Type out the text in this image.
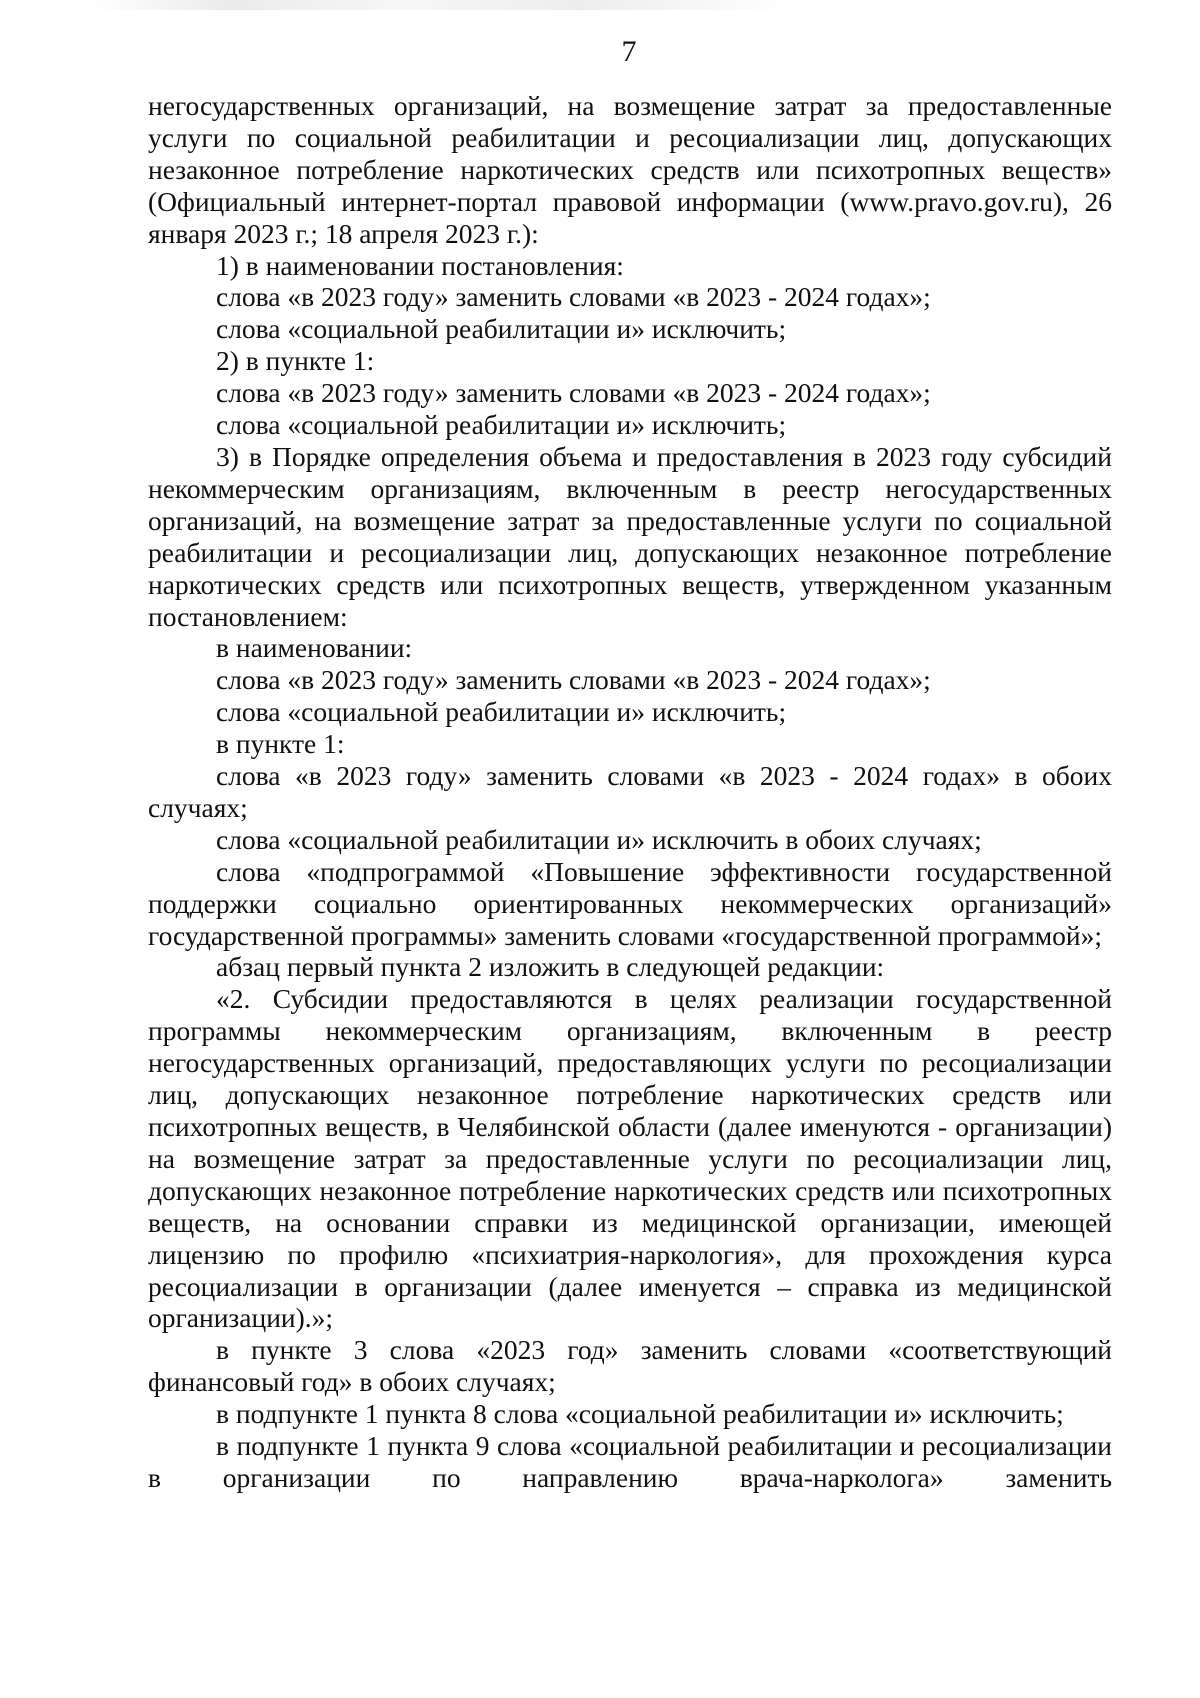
7

негосударственных организаций, на возмещение затрат за предоставленные услуги по социальной реабилитации и ресоциализации лиц, допускающих незаконное потребление наркотических средств или психотропных веществ» (Официальный интернет-портал правовой информации (www.pravo.gov.ru), 26 января 2023 г.; 18 апреля 2023 г.):

1) в наименовании постановления:

слова «в 2023 году» заменить словами «в 2023 - 2024 годах»;

слова «социальной реабилитации и» исключить;

2) в пункте 1:

слова «в 2023 году» заменить словами «в 2023 - 2024 годах»;

слова «социальной реабилитации и» исключить;

3) в Порядке определения объема и предоставления в 2023 году субсидий некоммерческим организациям, включенным в реестр негосударственных организаций, на возмещение затрат за предоставленные услуги по социальной реабилитации и ресоциализации лиц, допускающих незаконное потребление наркотических средств или психотропных веществ, утвержденном указанным постановлением:

в наименовании:

слова «в 2023 году» заменить словами «в 2023 - 2024 годах»;

слова «социальной реабилитации и» исключить;

в пункте 1:

слова «в 2023 году» заменить словами «в 2023 - 2024 годах» в обоих случаях;

слова «социальной реабилитации и» исключить в обоих случаях;

слова «подпрограммой «Повышение эффективности государственной поддержки социально ориентированных некоммерческих организаций» государственной программы» заменить словами «государственной программой»;

абзац первый пункта 2 изложить в следующей редакции:

«2. Субсидии предоставляются в целях реализации государственной программы некоммерческим организациям, включенным в реестр негосударственных организаций, предоставляющих услуги по ресоциализации лиц, допускающих незаконное потребление наркотических средств или психотропных веществ, в Челябинской области (далее именуются - организации) на возмещение затрат за предоставленные услуги по ресоциализации лиц, допускающих незаконное потребление наркотических средств или психотропных веществ, на основании справки из медицинской организации, имеющей лицензию по профилю «психиатрия-наркология», для прохождения курса ресоциализации в организации (далее именуется – справка из медицинской организации).»;

в пункте 3 слова «2023 год» заменить словами «соответствующий финансовый год» в обоих случаях;

в подпункте 1 пункта 8 слова «социальной реабилитации и» исключить;

в подпункте 1 пункта 9 слова «социальной реабилитации и ресоциализации в организации по направлению врача-нарколога» заменить
